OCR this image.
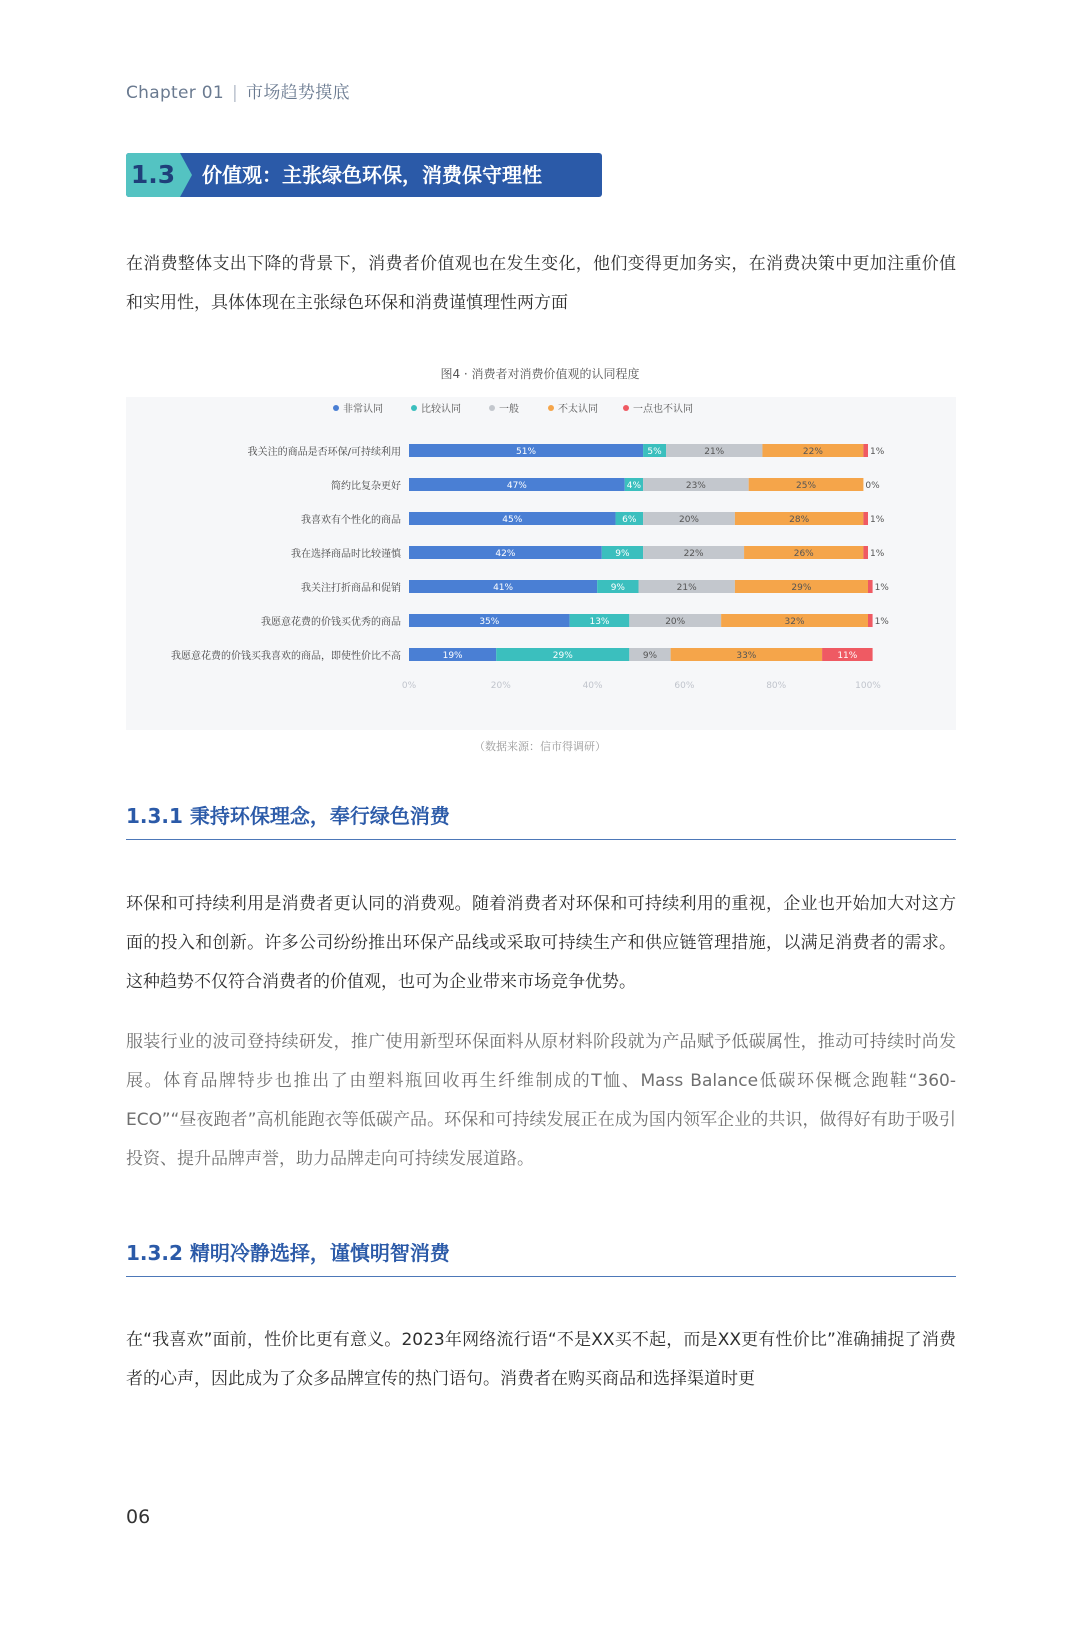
Chapter 01 | 市场趋势摸底
1.3 价值观：主张绿色环保，消费保守理性

在消费整体支出下降的背景下，消费者价值观也在发生变化，他们变得更加务实，在消费决策中更加注重价值和实用性，具体体现在主张绿色环保和消费谨慎理性两方面

图4 · 消费者对消费价值观的认同程度
非常认同	比较认同	一般	不太认同	一点也不认同
我关注的商品是否环保/可持续利用	51%	5%	21%	22%	1%
简约比复杂更好	47%	4%	23%	25%	0%
我喜欢有个性化的商品	45%	6%	20%	28%	1%
我在选择商品时比较谨慎	42%	9%	22%	26%	1%
我关注打折商品和促销	41%	9%	21%	29%	1%
我愿意花费的价钱买优秀的商品	35%	13%	20%	32%	1%
我愿意花费的价钱买我喜欢的商品，即使性价比不高	19%	29%	9%	33%	11%
0%	20%	40%	60%	80%	100%
（数据来源：信市得调研）
1.3.1 秉持环保理念，奉行绿色消费

环保和可持续利用是消费者更认同的消费观。随着消费者对环保和可持续利用的重视，企业也开始加大对这方面的投入和创新。许多公司纷纷推出环保产品线或采取可持续生产和供应链管理措施，以满足消费者的需求。这种趋势不仅符合消费者的价值观，也可为企业带来市场竞争优势。

服装行业的波司登持续研发，推广使用新型环保面料从原材料阶段就为产品赋予低碳属性，推动可持续时尚发展。体育品牌特步也推出了由塑料瓶回收再生纤维制成的T恤、Mass Balance低碳环保概念跑鞋“360-ECO”“昼夜跑者”高机能跑衣等低碳产品。环保和可持续发展正在成为国内领军企业的共识，做得好有助于吸引投资、提升品牌声誉，助力品牌走向可持续发展道路。

1.3.2 精明冷静选择，谨慎明智消费

在“我喜欢”面前，性价比更有意义。2023年网络流行语“不是XX买不起，而是XX更有性价比”准确捕捉了消费者的心声，因此成为了众多品牌宣传的热门语句。消费者在购买商品和选择渠道时更

06
